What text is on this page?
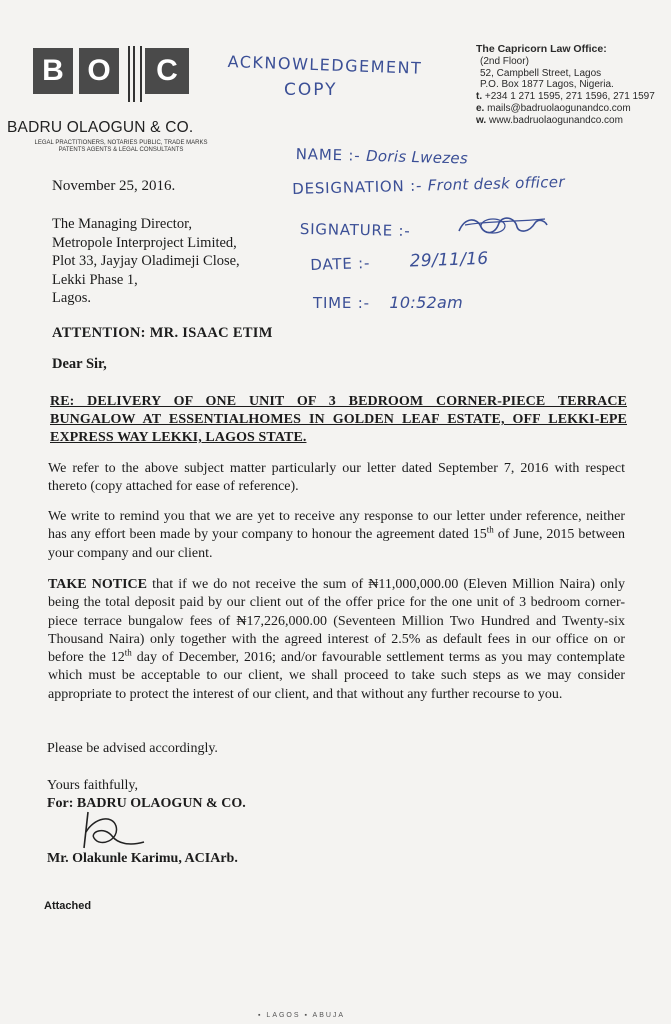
B O	C
BADRU OLAOGUN & CO.
LEGAL PRACTITIONERS, NOTARIES PUBLIC, TRADE MARKS
PATENTS AGENTS & LEGAL CONSULTANTS
The Capricorn Law Office:
(2nd Floor)
52, Campbell Street, Lagos
P.O. Box 1877 Lagos, Nigeria.
t. +234 1 271 1595, 271 1596, 271 1597
e. mails@badruolaogunandco.com
w. www.badruolaogunandco.com
ACKNOWLEDGEMENT
COPY
NAME :- Doris Lwezes
DESIGNATION :- Front desk officer
SIGNATURE :-
DATE :- 29/11/16
TIME :- 10:52am
November 25, 2016.
The Managing Director,
Metropole Interproject Limited,
Plot 33, Jayjay Oladimeji Close,
Lekki Phase 1,
Lagos.
ATTENTION: MR. ISAAC ETIM
Dear Sir,
RE: DELIVERY OF ONE UNIT OF 3 BEDROOM CORNER-PIECE TERRACE BUNGALOW AT ESSENTIALHOMES IN GOLDEN LEAF ESTATE, OFF LEKKI-EPE EXPRESS WAY LEKKI, LAGOS STATE.
We refer to the above subject matter particularly our letter dated September 7, 2016 with respect thereto (copy attached for ease of reference).
We write to remind you that we are yet to receive any response to our letter under reference, neither has any effort been made by your company to honour the agreement dated 15th of June, 2015 between your company and our client.
TAKE NOTICE that if we do not receive the sum of ₦11,000,000.00 (Eleven Million Naira) only being the total deposit paid by our client out of the offer price for the one unit of 3 bedroom corner-piece terrace bungalow fees of ₦17,226,000.00 (Seventeen Million Two Hundred and Twenty-six Thousand Naira) only together with the agreed interest of 2.5% as default fees in our office on or before the 12th day of December, 2016; and/or favourable settlement terms as you may contemplate which must be acceptable to our client, we shall proceed to take such steps as we may consider appropriate to protect the interest of our client, and that without any further recourse to you.
Please be advised accordingly.
Yours faithfully,
For: BADRU OLAOGUN & CO.
Mr. Olakunle Karimu, ACIArb.
Attached
▪ LAGOS ▪ ABUJA
